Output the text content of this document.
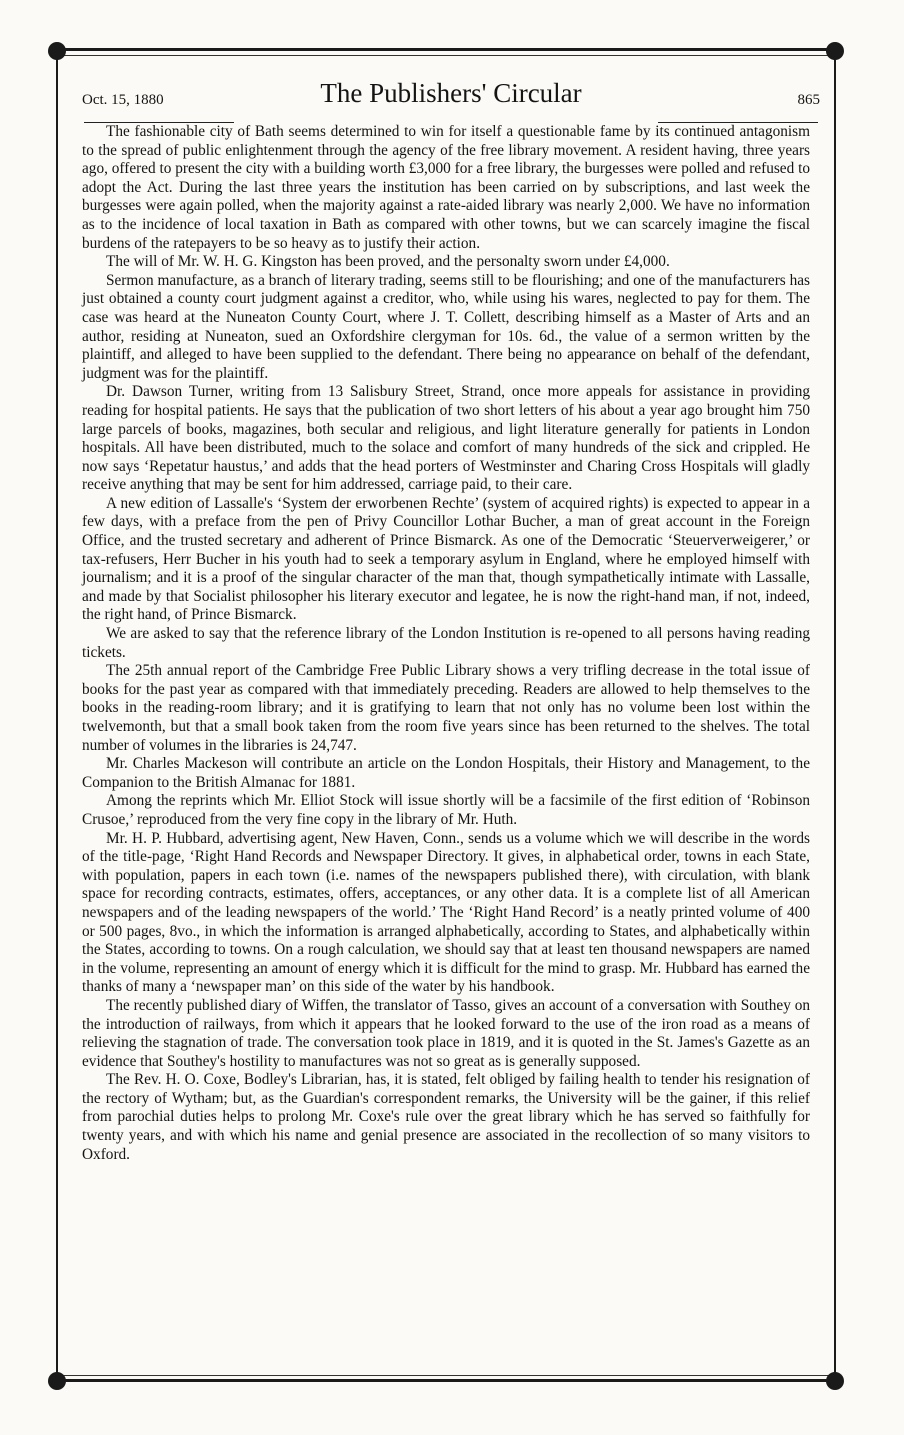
Oct. 15, 1880	The Publishers' Circular	865

The fashionable city of Bath seems determined to win for itself a questionable fame by its continued antagonism to the spread of public enlightenment through the agency of the free library movement. A resident having, three years ago, offered to present the city with a building worth £3,000 for a free library, the burgesses were polled and refused to adopt the Act. During the last three years the institution has been carried on by subscriptions, and last week the burgesses were again polled, when the majority against a rate-aided library was nearly 2,000. We have no information as to the incidence of local taxation in Bath as compared with other towns, but we can scarcely imagine the fiscal burdens of the ratepayers to be so heavy as to justify their action.

The will of Mr. W. H. G. Kingston has been proved, and the personalty sworn under £4,000.

Sermon manufacture, as a branch of literary trading, seems still to be flourishing; and one of the manufacturers has just obtained a county court judgment against a creditor, who, while using his wares, neglected to pay for them. The case was heard at the Nuneaton County Court, where J. T. Collett, describing himself as a Master of Arts and an author, residing at Nuneaton, sued an Oxfordshire clergyman for 10s. 6d., the value of a sermon written by the plaintiff, and alleged to have been supplied to the defendant. There being no appearance on behalf of the defendant, judgment was for the plaintiff.

Dr. Dawson Turner, writing from 13 Salisbury Street, Strand, once more appeals for assistance in providing reading for hospital patients. He says that the publication of two short letters of his about a year ago brought him 750 large parcels of books, magazines, both secular and religious, and light literature generally for patients in London hospitals. All have been distributed, much to the solace and comfort of many hundreds of the sick and crippled. He now says ‘Repetatur haustus,’ and adds that the head porters of Westminster and Charing Cross Hospitals will gladly receive anything that may be sent for him addressed, carriage paid, to their care.

A new edition of Lassalle's ‘System der erworbenen Rechte’ (system of acquired rights) is expected to appear in a few days, with a preface from the pen of Privy Councillor Lothar Bucher, a man of great account in the Foreign Office, and the trusted secretary and adherent of Prince Bismarck. As one of the Democratic ‘Steuerverweigerer,’ or tax-refusers, Herr Bucher in his youth had to seek a temporary asylum in England, where he employed himself with journalism; and it is a proof of the singular character of the man that, though sympathetically intimate with Lassalle, and made by that Socialist philosopher his literary executor and legatee, he is now the right-hand man, if not, indeed, the right hand, of Prince Bismarck.

We are asked to say that the reference library of the London Institution is re-opened to all persons having reading tickets.

The 25th annual report of the Cambridge Free Public Library shows a very trifling decrease in the total issue of books for the past year as compared with that immediately preceding. Readers are allowed to help themselves to the books in the reading-room library; and it is gratifying to learn that not only has no volume been lost within the twelvemonth, but that a small book taken from the room five years since has been returned to the shelves. The total number of volumes in the libraries is 24,747.

Mr. Charles Mackeson will contribute an article on the London Hospitals, their History and Management, to the Companion to the British Almanac for 1881.

Among the reprints which Mr. Elliot Stock will issue shortly will be a facsimile of the first edition of ‘Robinson Crusoe,’ reproduced from the very fine copy in the library of Mr. Huth.

Mr. H. P. Hubbard, advertising agent, New Haven, Conn., sends us a volume which we will describe in the words of the title-page, ‘Right Hand Records and Newspaper Directory. It gives, in alphabetical order, towns in each State, with population, papers in each town (i.e. names of the newspapers published there), with circulation, with blank space for recording contracts, estimates, offers, acceptances, or any other data. It is a complete list of all American newspapers and of the leading newspapers of the world.’ The ‘Right Hand Record’ is a neatly printed volume of 400 or 500 pages, 8vo., in which the information is arranged alphabetically, according to States, and alphabetically within the States, according to towns. On a rough calculation, we should say that at least ten thousand newspapers are named in the volume, representing an amount of energy which it is difficult for the mind to grasp. Mr. Hubbard has earned the thanks of many a ‘newspaper man’ on this side of the water by his handbook.

The recently published diary of Wiffen, the translator of Tasso, gives an account of a conversation with Southey on the introduction of railways, from which it appears that he looked forward to the use of the iron road as a means of relieving the stagnation of trade. The conversation took place in 1819, and it is quoted in the St. James's Gazette as an evidence that Southey's hostility to manufactures was not so great as is generally supposed.

The Rev. H. O. Coxe, Bodley's Librarian, has, it is stated, felt obliged by failing health to tender his resignation of the rectory of Wytham; but, as the Guardian's correspondent remarks, the University will be the gainer, if this relief from parochial duties helps to prolong Mr. Coxe's rule over the great library which he has served so faithfully for twenty years, and with which his name and genial presence are associated in the recollection of so many visitors to Oxford.
